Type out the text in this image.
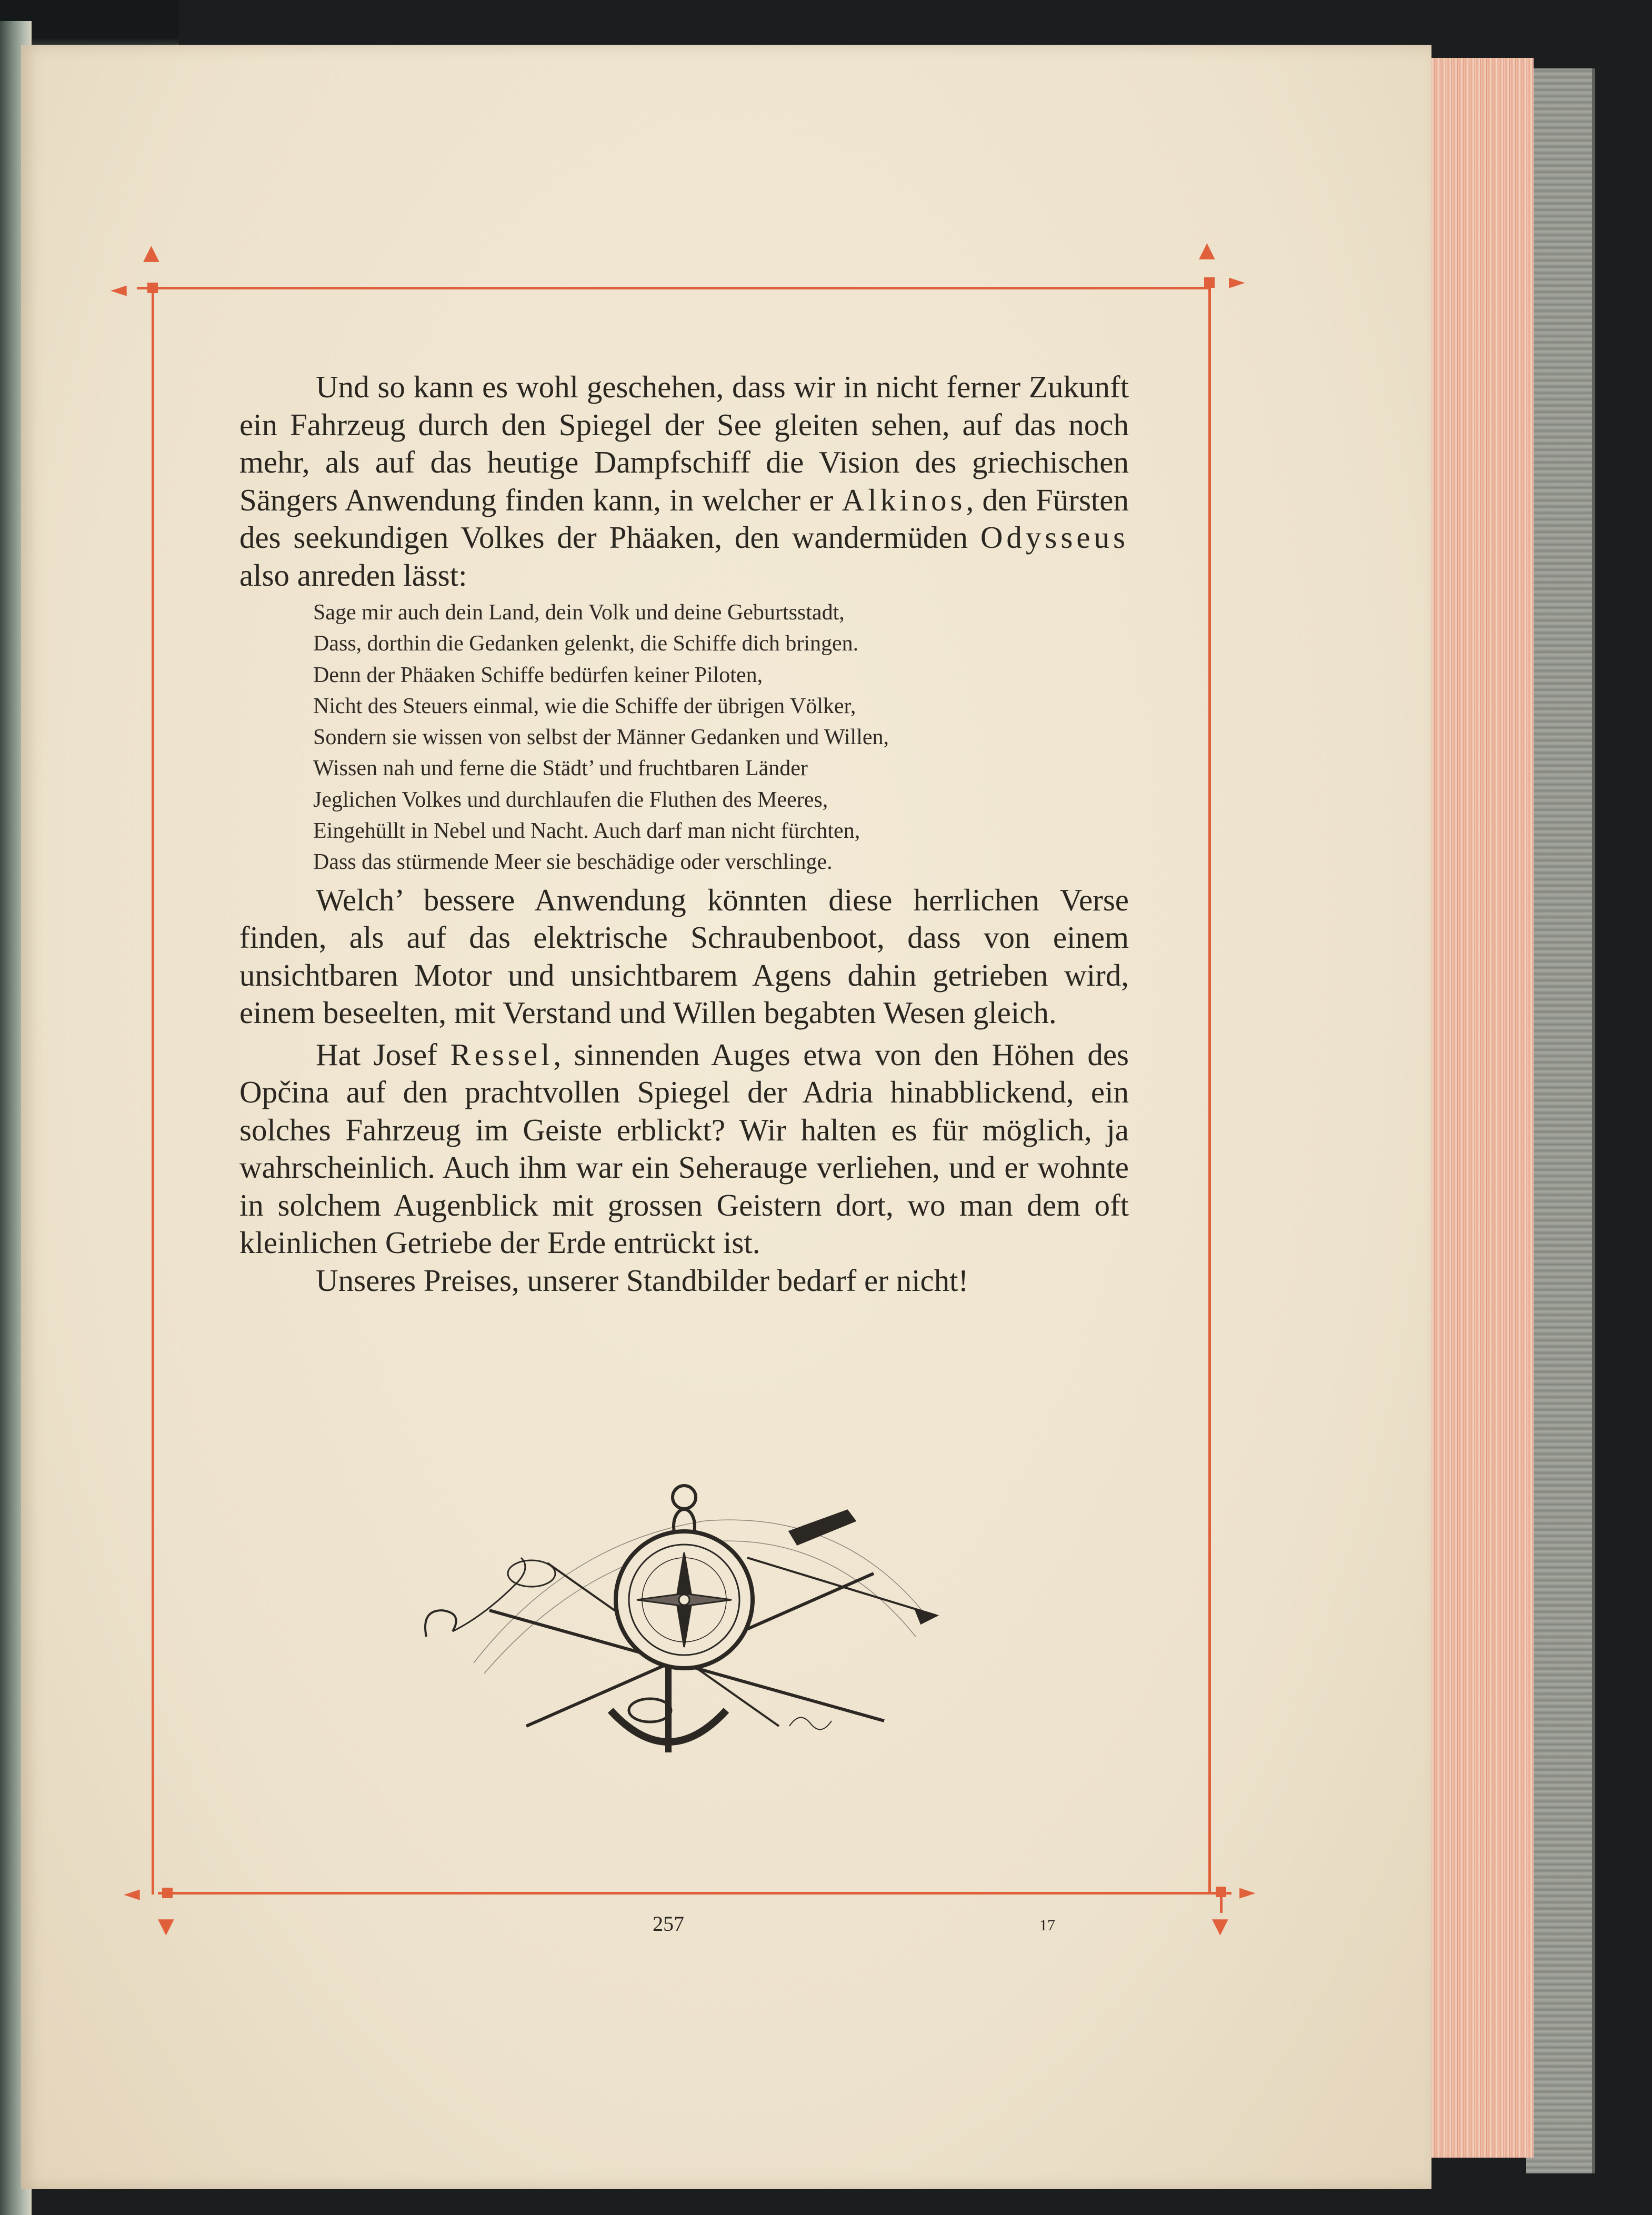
▲
◄
▲
►
◄
▼
►
▼

Und so kann es wohl geschehen, dass wir in nicht ferner Zukunft ein Fahrzeug durch den Spiegel der See gleiten sehen, auf das noch mehr, als auf das heutige Dampfschiff die Vision des griechischen Sängers Anwendung finden kann, in welcher er Alkinos, den Fürsten des seekundigen Volkes der Phäaken, den wandermüden Odysseus also anreden lässt:

Sage mir auch dein Land, dein Volk und deine Geburtsstadt,
Dass, dorthin die Gedanken gelenkt, die Schiffe dich bringen.
Denn der Phäaken Schiffe bedürfen keiner Piloten,
Nicht des Steuers einmal, wie die Schiffe der übrigen Völker,
Sondern sie wissen von selbst der Männer Gedanken und Willen,
Wissen nah und ferne die Städt’ und fruchtbaren Länder
Jeglichen Volkes und durchlaufen die Fluthen des Meeres,
Eingehüllt in Nebel und Nacht. Auch darf man nicht fürchten,
Dass das stürmende Meer sie beschädige oder verschlinge.

Welch’ bessere Anwendung könnten diese herrlichen Verse finden, als auf das elektrische Schraubenboot, dass von einem unsichtbaren Motor und unsichtbarem Agens dahin getrieben wird, einem beseelten, mit Verstand und Willen begabten Wesen gleich.

Hat Josef Ressel, sinnenden Auges etwa von den Höhen des Opčina auf den prachtvollen Spiegel der Adria hinabblickend, ein solches Fahrzeug im Geiste erblickt? Wir halten es für möglich, ja wahrscheinlich. Auch ihm war ein Seherauge verliehen, und er wohnte in solchem Augenblick mit grossen Geistern dort, wo man dem oft kleinlichen Getriebe der Erde entrückt ist.

Unseres Preises, unserer Standbilder bedarf er nicht!

257	17
